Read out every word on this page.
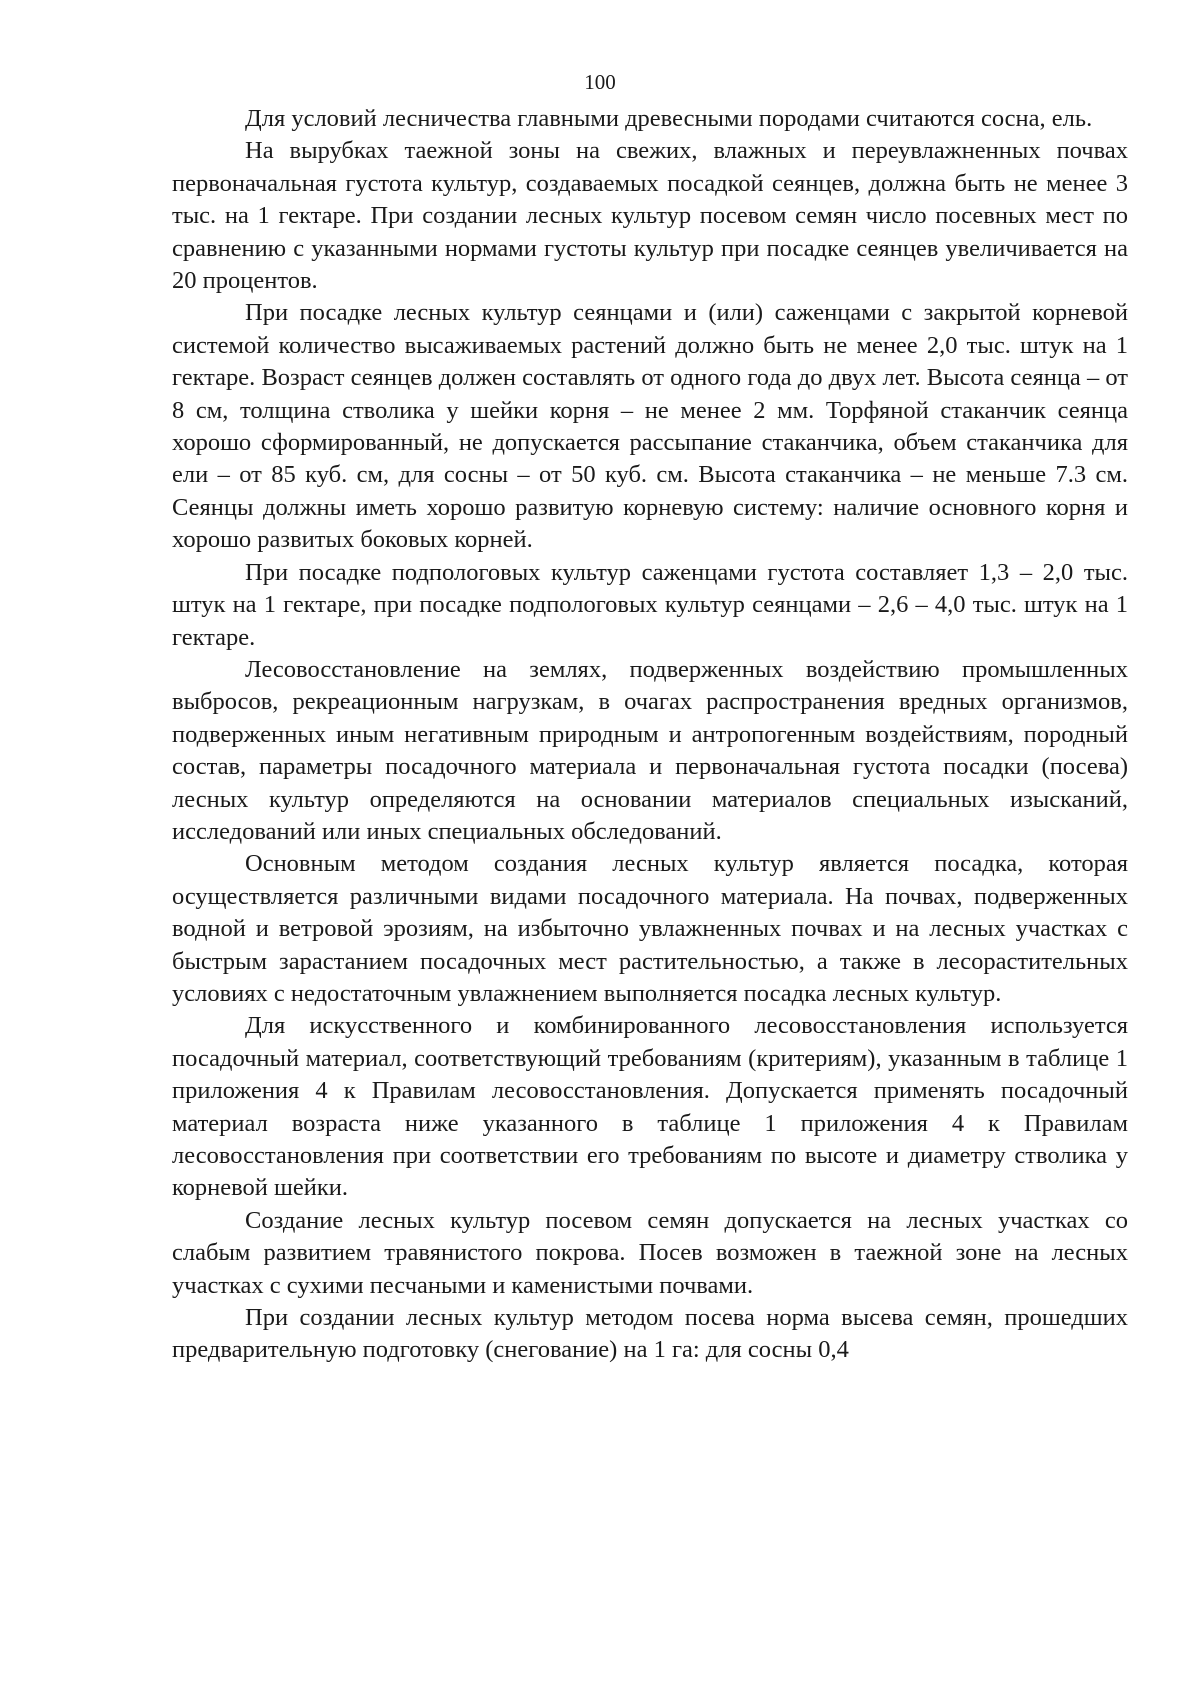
100

Для условий лесничества главными древесными породами считаются сосна, ель.

На вырубках таежной зоны на свежих, влажных и переувлажненных почвах первоначальная густота культур, создаваемых посадкой сеянцев, должна быть не менее 3 тыс. на 1 гектаре. При создании лесных культур посевом семян число посевных мест по сравнению с указанными нормами густоты культур при посадке сеянцев увеличивается на 20 процентов.

При посадке лесных культур сеянцами и (или) саженцами с закрытой корневой системой количество высаживаемых растений должно быть не менее 2,0 тыс. штук на 1 гектаре. Возраст сеянцев должен составлять от одного года до двух лет. Высота сеянца – от 8 см, толщина стволика у шейки корня – не менее 2 мм. Торфяной стаканчик сеянца хорошо сформированный, не допускается рассыпание стаканчика, объем стаканчика для ели – от 85 куб. см, для сосны – от 50 куб. см. Высота стаканчика – не меньше 7.3 см. Сеянцы должны иметь хорошо развитую корневую систему: наличие основного корня и хорошо развитых боковых корней.

При посадке подпологовых культур саженцами густота составляет 1,3 – 2,0 тыс. штук на 1 гектаре, при посадке подпологовых культур сеянцами – 2,6 – 4,0 тыс. штук на 1 гектаре.

Лесовосстановление на землях, подверженных воздействию промышленных выбросов, рекреационным нагрузкам, в очагах распространения вредных организмов, подверженных иным негативным природным и антропогенным воздействиям, породный состав, параметры посадочного материала и первоначальная густота посадки (посева) лесных культур определяются на основании материалов специальных изысканий, исследований или иных специальных обследований.

Основным методом создания лесных культур является посадка, которая осуществляется различными видами посадочного материала. На почвах, подверженных водной и ветровой эрозиям, на избыточно увлажненных почвах и на лесных участках с быстрым зарастанием посадочных мест растительностью, а также в лесорастительных условиях с недостаточным увлажнением выполняется посадка лесных культур.

Для искусственного и комбинированного лесовосстановления используется посадочный материал, соответствующий требованиям (критериям), указанным в таблице 1 приложения 4 к Правилам лесовосстановления. Допускается применять посадочный материал возраста ниже указанного в таблице 1 приложения 4 к Правилам лесовосстановления при соответствии его требованиям по высоте и диаметру стволика у корневой шейки.

Создание лесных культур посевом семян допускается на лесных участках со слабым развитием травянистого покрова. Посев возможен в таежной зоне на лесных участках с сухими песчаными и каменистыми почвами.

При создании лесных культур методом посева норма высева семян, прошедших предварительную подготовку (снегование) на 1 га: для сосны 0,4
